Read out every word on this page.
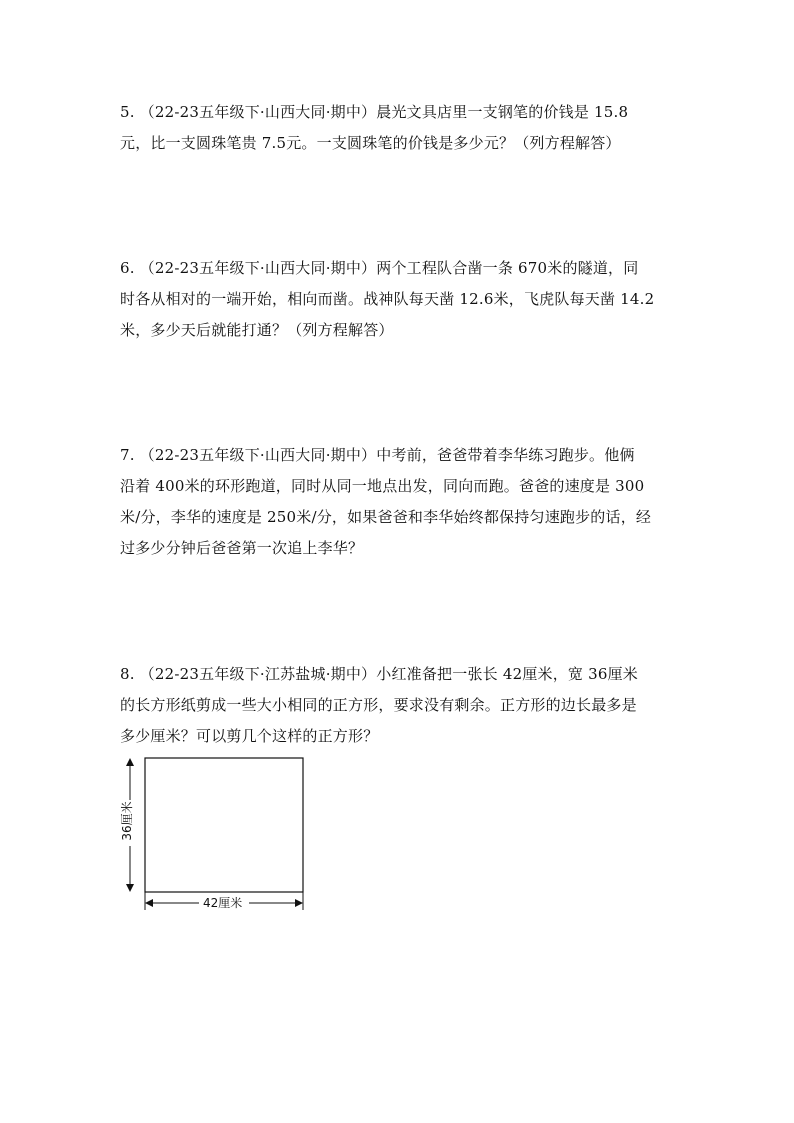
5. （22-23五年级下·山西大同·期中）晨光文具店里一支钢笔的价钱是 15.8
元，比一支圆珠笔贵 7.5元。一支圆珠笔的价钱是多少元？（列方程解答）
6. （22-23五年级下·山西大同·期中）两个工程队合凿一条 670米的隧道，同
时各从相对的一端开始，相向而凿。战神队每天凿 12.6米，飞虎队每天凿 14.2
米，多少天后就能打通？（列方程解答）
7. （22-23五年级下·山西大同·期中）中考前，爸爸带着李华练习跑步。他俩
沿着 400米的环形跑道，同时从同一地点出发，同向而跑。爸爸的速度是 300
米/分，李华的速度是 250米/分，如果爸爸和李华始终都保持匀速跑步的话，经
过多少分钟后爸爸第一次追上李华？
8. （22-23五年级下·江苏盐城·期中）小红准备把一张长 42厘米，宽 36厘米
的长方形纸剪成一些大小相同的正方形，要求没有剩余。正方形的边长最多是
多少厘米？可以剪几个这样的正方形？
42厘米
36厘米
